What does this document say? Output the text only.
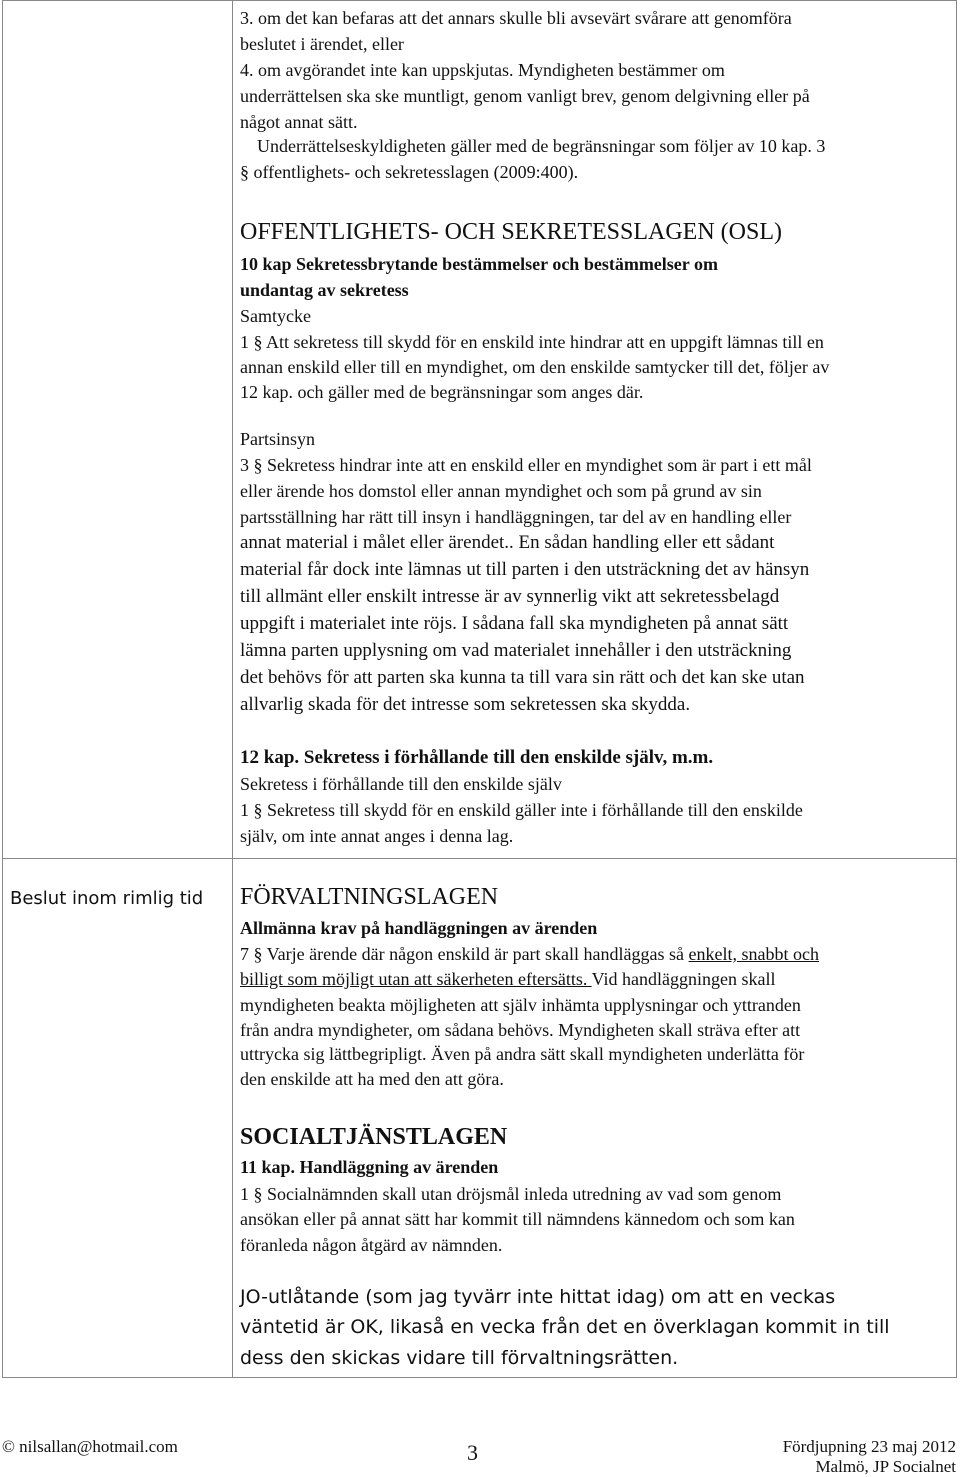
3. om det kan befaras att det annars skulle bli avsevärt svårare att genomföra
beslutet i ärendet, eller
4. om avgörandet inte kan uppskjutas. Myndigheten bestämmer om
underrättelsen ska ske muntligt, genom vanligt brev, genom delgivning eller på
något annat sätt.
Underrättelseskyldigheten gäller med de begränsningar som följer av 10 kap. 3
§ offentlighets- och sekretesslagen (2009:400).
OFFENTLIGHETS- OCH SEKRETESSLAGEN (OSL)
10 kap Sekretessbrytande bestämmelser och bestämmelser om
undantag av sekretess
Samtycke
1 § Att sekretess till skydd för en enskild inte hindrar att en uppgift lämnas till en
annan enskild eller till en myndighet, om den enskilde samtycker till det, följer av
12 kap. och gäller med de begränsningar som anges där.
Partsinsyn
3 § Sekretess hindrar inte att en enskild eller en myndighet som är part i ett mål
eller ärende hos domstol eller annan myndighet och som på grund av sin
partsställning har rätt till insyn i handläggningen, tar del av en handling eller
annat material i målet eller ärendet.. En sådan handling eller ett sådant
material får dock inte lämnas ut till parten i den utsträckning det av hänsyn
till allmänt eller enskilt intresse är av synnerlig vikt att sekretessbelagd
uppgift i materialet inte röjs. I sådana fall ska myndigheten på annat sätt
lämna parten upplysning om vad materialet innehåller i den utsträckning
det behövs för att parten ska kunna ta till vara sin rätt och det kan ske utan
allvarlig skada för det intresse som sekretessen ska skydda.
12 kap. Sekretess i förhållande till den enskilde själv, m.m.
Sekretess i förhållande till den enskilde själv
1 § Sekretess till skydd för en enskild gäller inte i förhållande till den enskilde
själv, om inte annat anges i denna lag.
Beslut inom rimlig tid FÖRVALTNINGSLAGEN
Allmänna krav på handläggningen av ärenden
7 § Varje ärende där någon enskild är part skall handläggas så enkelt, snabbt och
billigt som möjligt utan att säkerheten eftersätts. Vid handläggningen skall
myndigheten beakta möjligheten att själv inhämta upplysningar och yttranden
från andra myndigheter, om sådana behövs. Myndigheten skall sträva efter att
uttrycka sig lättbegripligt. Även på andra sätt skall myndigheten underlätta för
den enskilde att ha med den att göra.
SOCIALTJÄNSTLAGEN
11 kap. Handläggning av ärenden
1 § Socialnämnden skall utan dröjsmål inleda utredning av vad som genom
ansökan eller på annat sätt har kommit till nämndens kännedom och som kan
föranleda någon åtgärd av nämnden.
JO-utlåtande (som jag tyvärr inte hittat idag) om att en veckas
väntetid är OK, likaså en vecka från det en överklagan kommit in till
dess den skickas vidare till förvaltningsrätten.
© nilsallan@hotmail.com	3	Fördjupning 23 maj 2012
Malmö, JP Socialnet
